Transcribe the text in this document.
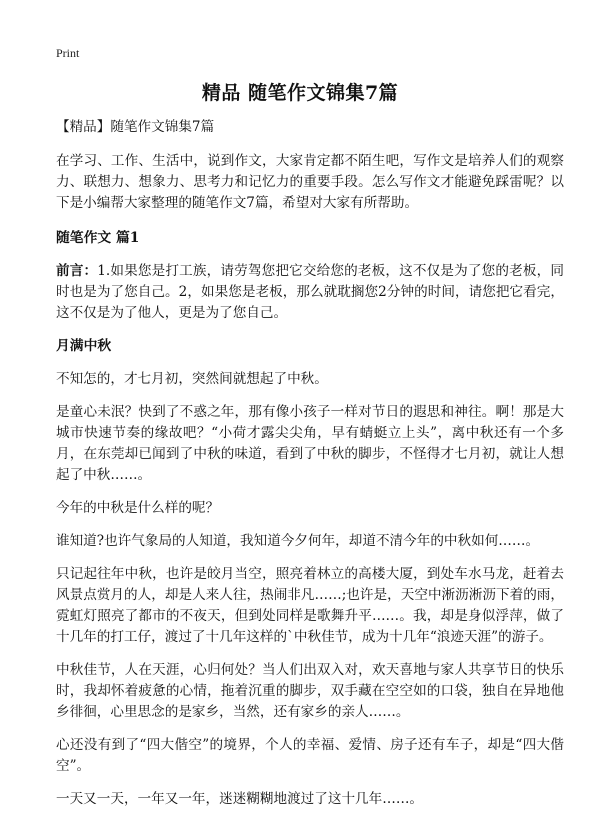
Print
精品 随笔作文锦集7篇

【精品】随笔作文锦集7篇

在学习、工作、生活中，说到作文，大家肯定都不陌生吧，写作文是培养人们的观察力、联想力、想象力、思考力和记忆力的重要手段。怎么写作文才能避免踩雷呢？以下是小编帮大家整理的随笔作文7篇，希望对大家有所帮助。

随笔作文 篇1

前言：1.如果您是打工族，请劳驾您把它交给您的老板，这不仅是为了您的老板，同时也是为了您自己。2，如果您是老板，那么就耽搁您2分钟的时间，请您把它看完，这不仅是为了他人，更是为了您自己。

月满中秋

不知怎的，才七月初，突然间就想起了中秋。

是童心未泯？快到了不惑之年，那有像小孩子一样对节日的遐思和神往。啊！那是大城市快速节奏的缘故吧？“小荷才露尖尖角，早有蜻蜓立上头”，离中秋还有一个多月，在东莞却已闻到了中秋的味道，看到了中秋的脚步，不怪得才七月初，就让人想起了中秋……。

今年的中秋是什么样的呢？

谁知道?也许气象局的人知道，我知道今夕何年，却道不清今年的中秋如何……。

只记起往年中秋，也许是皎月当空，照亮着林立的高楼大厦，到处车水马龙，赶着去风景点赏月的人，却是人来人往，热闹非凡……;也许是，天空中淅沥淅沥下着的雨，霓虹灯照亮了都市的不夜天，但到处同样是歌舞升平……。我，却是身似浮萍，做了十几年的打工仔，渡过了十几年这样的`中秋佳节，成为十几年“浪迹天涯”的游子。

中秋佳节，人在天涯，心归何处？当人们出双入对，欢天喜地与家人共享节日的快乐时，我却怀着疲惫的心情，拖着沉重的脚步，双手藏在空空如的口袋，独自在异地他乡徘徊，心里思念的是家乡，当然，还有家乡的亲人……。

心还没有到了“四大偕空”的境界，个人的幸福、爱情、房子还有车子，却是“四大偕空”。

一天又一天，一年又一年，迷迷糊糊地渡过了这十几年……。
